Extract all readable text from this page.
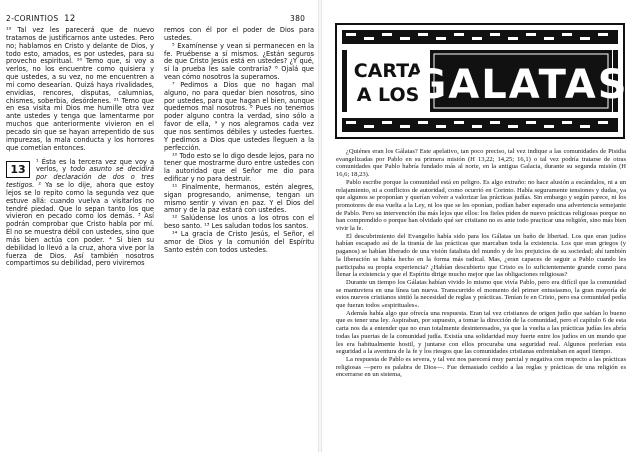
2-CORINTIOS 12

¹⁹ Tal vez les parecerá que de nuevo tratamos de justificarnos ante ustedes. Pero no; hablamos en Cristo y delante de Dios, y todo esto, amados, es por ustedes, para su provecho espiritual. ²⁰ Temo que, si voy a verlos, no los encuentre como quisiera y que ustedes, a su vez, no me encuentren a mí como desearían. Quizá haya rivalidades, envidias, rencores, disputas, calumnias, chismes, soberbia, desórdenes. ²¹ Temo que en esa visita mi Dios me humille otra vez ante ustedes y tenga que lamentarme por muchos que anteriormente vivieron en el pecado sin que se hayan arrepentido de sus impurezas, la mala conducta y los horrores que cometían entonces.

13
¹ Ésta es la tercera vez que voy a verlos, y todo asunto se decidirá por declaración de dos o tres testigos. ² Ya se lo dije, ahora que estoy lejos se lo repito como la segunda vez que estuve allá: cuando vuelva a visitarlos no tendré piedad. Que lo sepan tanto los que vivieron en pecado como los demás. ³ Así podrán comprobar que Cristo habla por mí. Él no se muestra débil con ustedes, sino que más bien actúa con poder. ⁴ Si bien su debilidad lo llevó a la cruz, ahora vive por la fuerza de Dios. Así también nosotros compartimos su debilidad, pero viviremos

remos con él por el poder de Dios para ustedes.

⁵ Examínense y vean si permanecen en la fe. Pruébense a sí mismos. ¿Están seguros de que Cristo Jesús está en ustedes? ¿Y qué, si la prueba les sale contraria? ⁶ Ojalá que vean cómo nosotros la superamos.

⁷ Pedimos a Dios que no hagan mal alguno, no para quedar bien nosotros, sino por ustedes, para que hagan el bien, aunque quedemos mal nosotros. ⁸ Pues no tenemos poder alguno contra la verdad, sino sólo a favor de ella, ⁹ y nos alegramos cada vez que nos sentimos débiles y ustedes fuertes. Y pedimos a Dios que ustedes lleguen a la perfección.

¹⁰ Todo esto se lo digo desde lejos, para no tener que mostrarme duro entre ustedes con la autoridad que el Señor me dio para edificar y no para destruir.

¹¹ Finalmente, hermanos, estén alegres, sigan progresando, animense, tengan un mismo sentir y vivan en paz. Y el Dios del amor y de la paz estará con ustedes.

¹² Salúdense los unos a los otros con el beso santo. ¹³ Les saludan todos los santos.

¹⁴ La gracia de Cristo Jesús, el Señor, el amor de Dios y la comunión del Espíritu Santo estén con todos ustedes.

380
CARTA
A LOS
GALATAS

¿Quiénes eran los Gálatas? Este apelativo, tan poco preciso, tal vez indique a las comunidades de Pisidia evangelizadas por Pablo en su primera misión (H 13,22; 14,25; 16,1) o tal vez podría tratarse de otras comunidades que Pablo habría fundado más al norte, en la antigua Galacia, durante su segunda misión (H 16,6; 18,23).

Pablo escribe porque la comunidad está en peligro. Es algo extraño: no hace alusión a escándalos, ni a un relajamiento, ni a conflictos de autoridad, como ocurrió en Corinto. Había seguramente tensiones y dudas, ya que algunos se proponían y querían volver a valorizar las prácticas judías. Sin embargo y según parece, ni los promotores de esa vuelta a la Ley, ni los que se les oponían, podían haber esperado una advertencia semejante de Pablo. Pero su intervención iba más lejos que ellos: los fieles piden de nuevo prácticas religiosas porque no han comprendido o porque han olvidado qué ser cristiano no es ante todo practicar una religión, sino más bien vivir la fe.

El descubrimiento del Evangelio había sido para los Gálatas un baño de libertad. Los que eran judíos habían escapado así de la tiranía de las prácticas que marcaban toda la existencia. Los que eran griegos (y paganos) se habían liberado de una visión fatalista del mundo y de los prejuicios de su sociedad; ahí también la liberación se había hecho en la forma más radical. Mas, ¿eran capaces de seguir a Pablo cuando les participaba su propia experiencia? ¿Habían descubierto que Cristo es lo suficientemente grande como para llenar la existencia y que el Espíritu dirige mucho mejor que las obligaciones religiosas?

Durante un tiempo los Gálatas habían vivido lo mismo que vivía Pablo, pero era difícil que la comunidad se mantuviera en una línea tan nueva. Transcurrido el momento del primer entusiasmo, la gran mayoría de estos nuevos cristianos sintió la necesidad de reglas y prácticas. Tenían fe en Cristo, pero esa comunidad pedía que fueran todos «espirituales».

Además había algo que ofrecía una respuesta. Eran tal vez cristianos de origen judío que sabían lo bueno que es tener una ley. Aspiraban, por supuesto, a tomar la dirección de la comunidad, pero el capítulo 6 de esta carta nos da a entender que no eran totalmente desinteresados, ya que la vuelta a las prácticas judías les abría todas las puertas de la comunidad judía. Existía una solidaridad muy fuerte entre los judíos en un mundo que les era habitualmente hostil, y juntarse con ellos procuraba una seguridad real. Algunos preferían esta seguridad a la aventura de la fe y los riesgos que las comunidades cristianas enfrentaban en aquel tiempo.

La respuesta de Pablo es severa, y tal vez nos parecerá muy parcial y negativa con respecto a las prácticas religiosas —pero es palabra de Dios—. Fue demasiado cedido a las reglas y prácticas de una religión es encerrarse en un sistema,
